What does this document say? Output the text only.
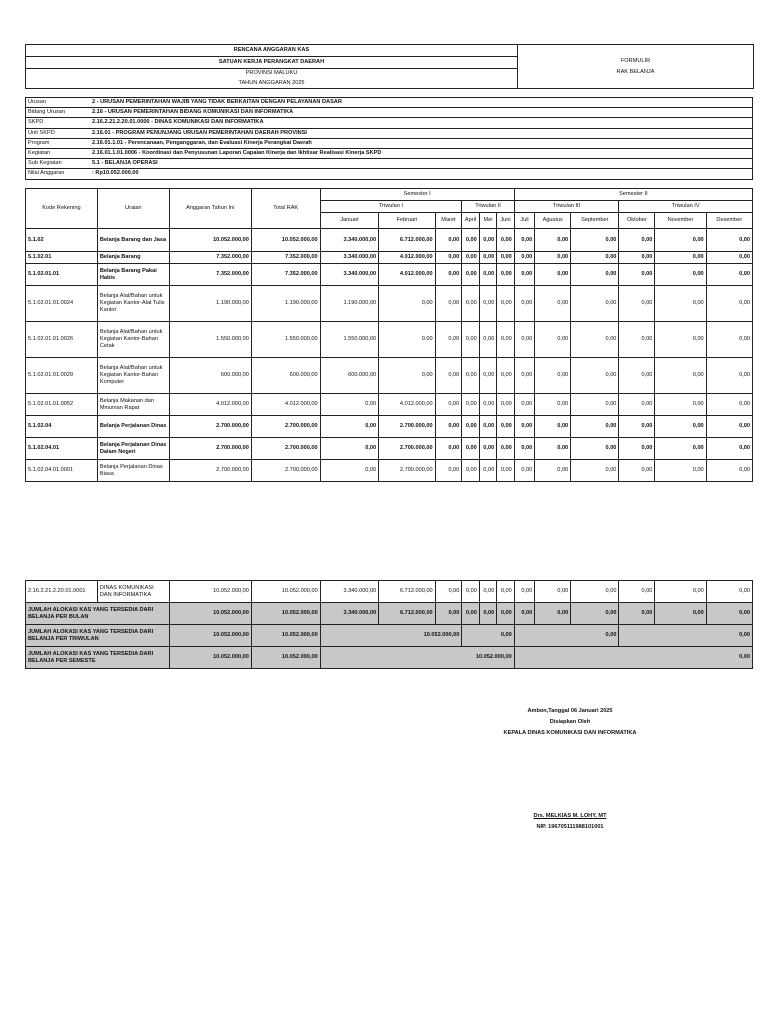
RENCANA ANGGARAN KAS	
FORMULIR
RAK BELANJA

SATUAN KERJA PERANGKAT DAERAH
PROVINSI MALUKU
TAHUN ANGGARAN 2025
Urusan	2 - URUSAN PEMERINTAHAN WAJIB YANG TIDAK BERKAITAN DENGAN PELAYANAN DASAR
Bidang Urusan	2.16 - URUSAN PEMERINTAHAN BIDANG KOMUNIKASI DAN INFORMATIKA
SKPD	2.16.2.21.2.20.01.0000 - DINAS KOMUNIKASI DAN INFORMATIKA
Unit SKPD	2.16.01 - PROGRAM PENUNJANG URUSAN PEMERINTAHAN DAERAH PROVINSI
Program	2.16.01.1.01 - Perencanaan, Penganggaran, dan Evaluasi Kinerja Perangkat Daerah
Kegiatan	2.16.01.1.01.0006 - Koordinasi dan Penyusunan Laporan Capaian Kinerja dan Ikhtisar Realisasi Kinerja SKPD
Sub Kegiatan	5.1 - BELANJA OPERASI
Nilai Anggaran	: Rp10.052.000,00
Kode Rekening	Uraian	Anggaran Tahun Ini	Total RAK	Semester I						Semester II					
				Triwulan I			Triwulan II			Triwulan III			Triwulan IV		
				Januari	Februari	Maret	April	Mei	Juni	Juli	Agustus	September	Oktober	November	Desember
5.1.02	Belanja Barang dan Jasa	10.052.000,00	10.052.000,00	3.340.000,00	6.712.000,00	0,00	0,00	0,00	0,00	0,00	0,00	0,00	0,00	0,00	0,00
5.1.02.01	Belanja Barang	7.352.000,00	7.352.000,00	3.340.000,00	4.012.000,00	0,00	0,00	0,00	0,00	0,00	0,00	0,00	0,00	0,00	0,00
5.1.02.01.01	Belanja Barang Pakai Habis	7.352.000,00	7.352.000,00	3.340.000,00	4.012.000,00	0,00	0,00	0,00	0,00	0,00	0,00	0,00	0,00	0,00	0,00
5.1.02.01.01.0024	Belanja Alat/Bahan untuk Kegiatan Kantor-Alat Tulis Kantor	1.190.000,00	1.190.000,00	1.190.000,00	0,00	0,00	0,00	0,00	0,00	0,00	0,00	0,00	0,00	0,00	0,00
5.1.02.01.01.0026	Belanja Alat/Bahan untuk Kegiatan Kantor-Bahan Cetak	1.550.000,00	1.550.000,00	1.550.000,00	0,00	0,00	0,00	0,00	0,00	0,00	0,00	0,00	0,00	0,00	0,00
5.1.02.01.01.0029	Belanja Alat/Bahan untuk Kegiatan Kantor-Bahan Komputer	600.000,00	600.000,00	600.000,00	0,00	0,00	0,00	0,00	0,00	0,00	0,00	0,00	0,00	0,00	0,00
5.1.02.01.01.0052	Belanja Makanan dan Minuman Rapat	4.012.000,00	4.012.000,00	0,00	4.012.000,00	0,00	0,00	0,00	0,00	0,00	0,00	0,00	0,00	0,00	0,00
5.1.02.04	Belanja Perjalanan Dinas	2.700.000,00	2.700.000,00	0,00	2.700.000,00	0,00	0,00	0,00	0,00	0,00	0,00	0,00	0,00	0,00	0,00
5.1.02.04.01	Belanja Perjalanan Dinas Dalam Negeri	2.700.000,00	2.700.000,00	0,00	2.700.000,00	0,00	0,00	0,00	0,00	0,00	0,00	0,00	0,00	0,00	0,00
5.1.02.04.01.0001	Belanja Perjalanan Dinas Biasa	2.700.000,00	2.700.000,00	0,00	2.700.000,00	0,00	0,00	0,00	0,00	0,00	0,00	0,00	0,00	0,00	0,00
2.16.2.21.2.20.01.0001	DINAS KOMUNIKASI DAN INFORMATIKA	10.052.000,00	10.052.000,00	3.340.000,00	6.712.000,00	0,00	0,00	0,00	0,00	0,00	0,00	0,00	0,00	0,00	0,00
JUMLAH ALOKASI KAS YANG TERSEDIA DARI BELANJA PER BULAN		10.052.000,00	10.052.000,00	3.340.000,00	6.712.000,00	0,00	0,00	0,00	0,00	0,00	0,00	0,00	0,00	0,00	0,00
JUMLAH ALOKASI KAS YANG TERSEDIA DARI BELANJA PER TRIWULAN		10.052.000,00	10.052.000,00	10.052.000,00			0,00			0,00			0,00		
JUMLAH ALOKASI KAS YANG TERSEDIA DARI BELANJA PER SEMESTE		10.052.000,00	10.052.000,00	10.052.000,00						0,00					
Ambon,Tanggal 06 Januari 2025
Disiapkan Oleh
KEPALA DINAS KOMUNIKASI DAN INFORMATIKA
Drs. MELKIAS M. LOHY, MT
NIP. 196705111988101001
